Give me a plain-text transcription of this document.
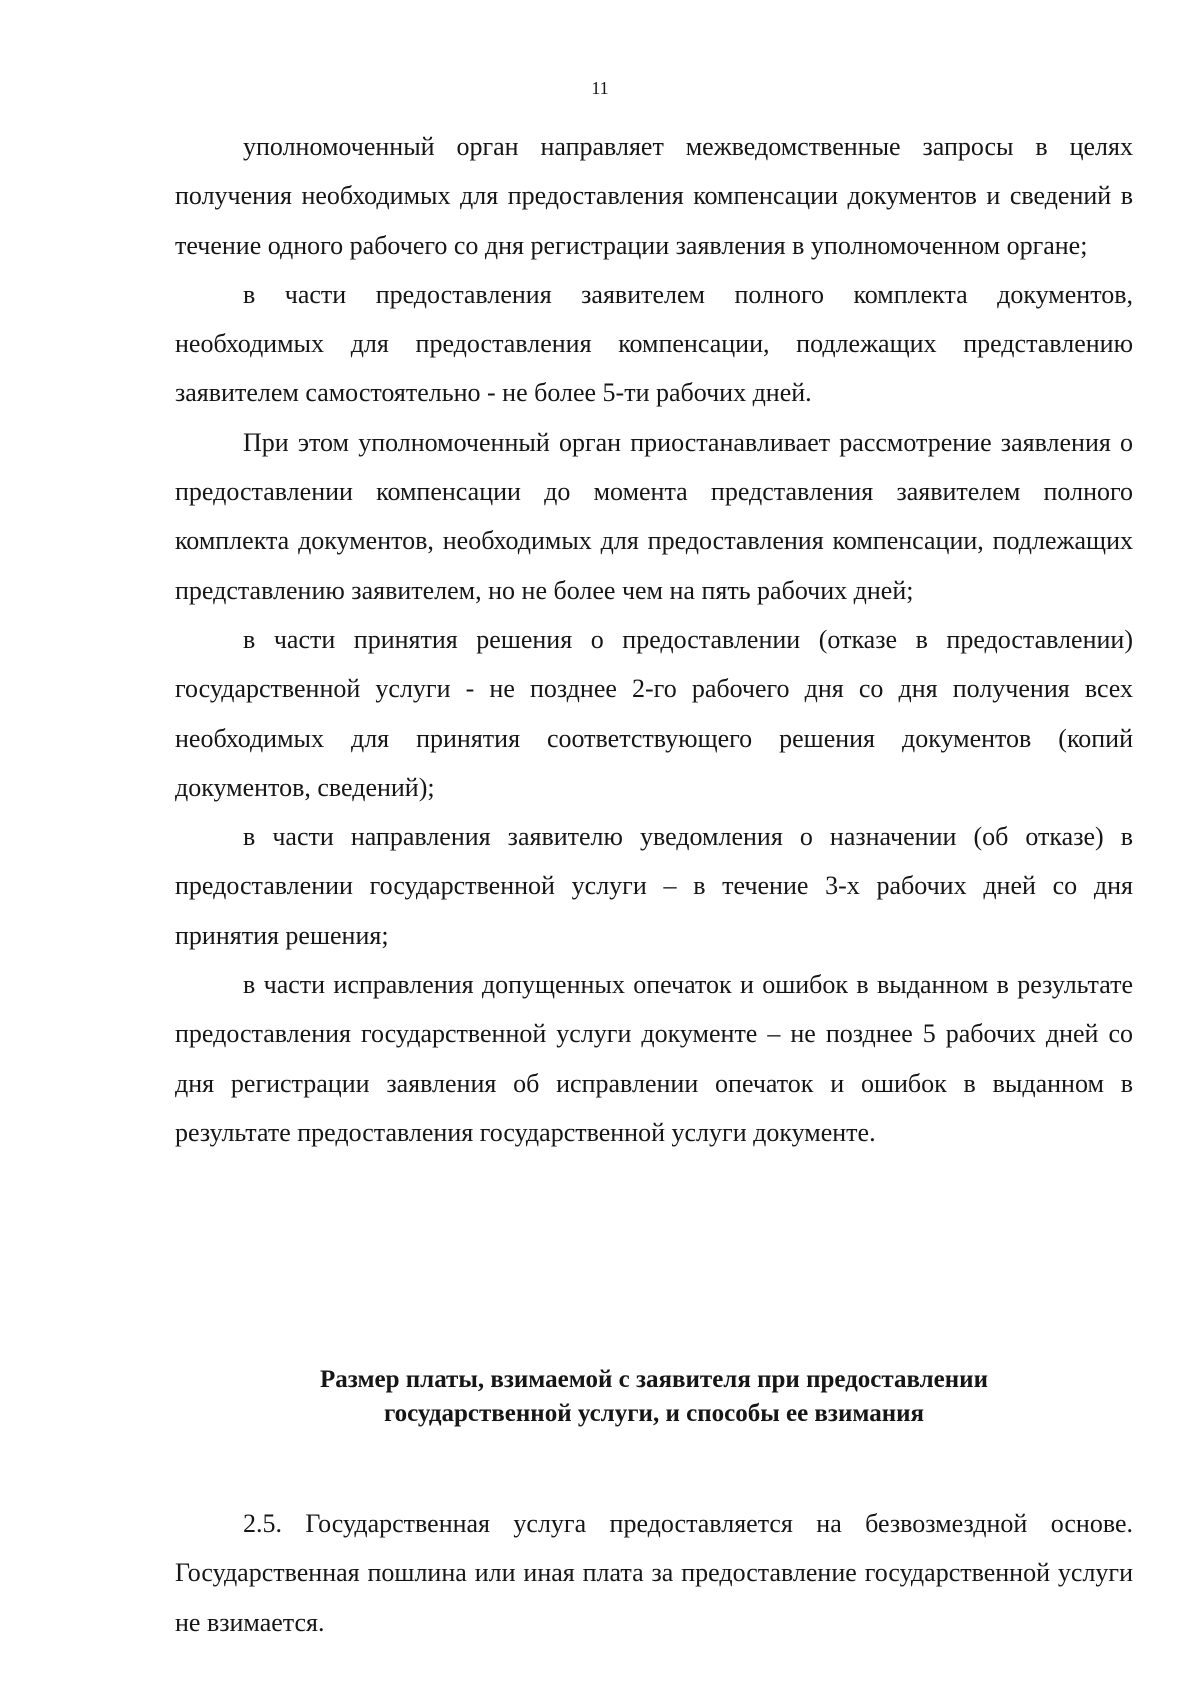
11

уполномоченный орган направляет межведомственные запросы в целях получения необходимых для предоставления компенсации документов и сведений в течение одного рабочего со дня регистрации заявления в уполномоченном органе;

в части предоставления заявителем полного комплекта документов, необходимых для предоставления компенсации, подлежащих представлению заявителем самостоятельно - не более 5-ти рабочих дней.

При этом уполномоченный орган приостанавливает рассмотрение заявления о предоставлении компенсации до момента представления заявителем полного комплекта документов, необходимых для предоставления компенсации, подлежащих представлению заявителем, но не более чем на пять рабочих дней;

в части принятия решения о предоставлении (отказе в предоставлении) государственной услуги - не позднее 2-го рабочего дня со дня получения всех необходимых для принятия соответствующего решения документов (копий документов, сведений);

в части направления заявителю уведомления о назначении (об отказе) в предоставлении государственной услуги – в течение 3-х рабочих дней со дня принятия решения;

в части исправления допущенных опечаток и ошибок в выданном в результате предоставления государственной услуги документе – не позднее 5 рабочих дней со дня регистрации заявления об исправлении опечаток и ошибок в выданном в результате предоставления государственной услуги документе.

Размер платы, взимаемой с заявителя при предоставлении
государственной услуги, и способы ее взимания

2.5. Государственная услуга предоставляется на безвозмездной основе. Государственная пошлина или иная плата за предоставление государственной услуги не взимается.
